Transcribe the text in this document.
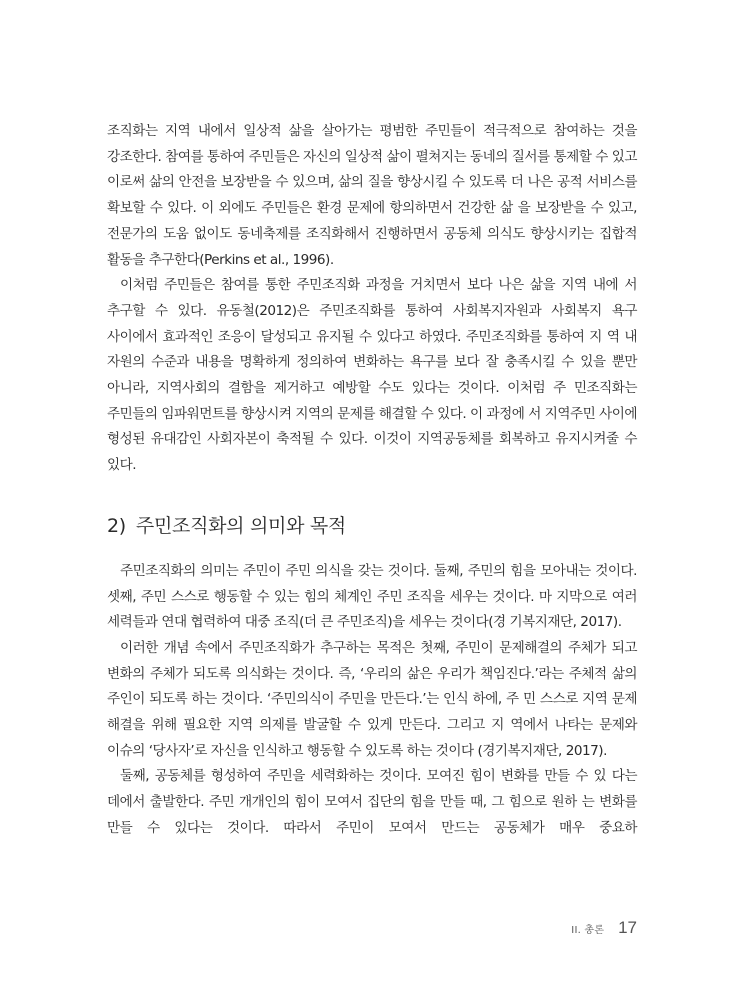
조직화는 지역 내에서 일상적 삶을 살아가는 평범한 주민들이 적극적으로 참여하는 것을 강조한다. 참여를 통하여 주민들은 자신의 일상적 삶이 펼쳐지는 동네의 질서를 통제할 수 있고 이로써 삶의 안전을 보장받을 수 있으며, 삶의 질을 향상시킬 수 있도록 더 나은 공적 서비스를 확보할 수 있다. 이 외에도 주민들은 환경 문제에 항의하면서 건강한 삶 을 보장받을 수 있고, 전문가의 도움 없이도 동네축제를 조직화해서 진행하면서 공동체 의식도 향상시키는 집합적 활동을 추구한다(Perkins et al., 1996).

이처럼 주민들은 참여를 통한 주민조직화 과정을 거치면서 보다 나은 삶을 지역 내에 서 추구할 수 있다. 유동철(2012)은 주민조직화를 통하여 사회복지자원과 사회복지 욕구 사이에서 효과적인 조응이 달성되고 유지될 수 있다고 하였다. 주민조직화를 통하여 지 역 내 자원의 수준과 내용을 명확하게 정의하여 변화하는 욕구를 보다 잘 충족시킬 수 있을 뿐만 아니라, 지역사회의 결함을 제거하고 예방할 수도 있다는 것이다. 이처럼 주 민조직화는 주민들의 임파워먼트를 향상시켜 지역의 문제를 해결할 수 있다. 이 과정에 서 지역주민 사이에 형성된 유대감인 사회자본이 축적될 수 있다. 이것이 지역공동체를 회복하고 유지시켜줄 수 있다.

2) 주민조직화의 의미와 목적

주민조직화의 의미는 주민이 주민 의식을 갖는 것이다. 둘째, 주민의 힘을 모아내는 것이다. 셋째, 주민 스스로 행동할 수 있는 힘의 체계인 주민 조직을 세우는 것이다. 마 지막으로 여러 세력들과 연대 협력하여 대중 조직(더 큰 주민조직)을 세우는 것이다(경 기복지재단, 2017).

이러한 개념 속에서 주민조직화가 추구하는 목적은 첫째, 주민이 문제해결의 주체가 되고 변화의 주체가 되도록 의식화는 것이다. 즉, ‘우리의 삶은 우리가 책임진다.’라는 주체적 삶의 주인이 되도록 하는 것이다. ‘주민의식이 주민을 만든다.’는 인식 하에, 주 민 스스로 지역 문제 해결을 위해 필요한 지역 의제를 발굴할 수 있게 만든다. 그리고 지 역에서 나타는 문제와 이슈의 ‘당사자’로 자신을 인식하고 행동할 수 있도록 하는 것이다 (경기복지재단, 2017).

둘째, 공동체를 형성하여 주민을 세력화하는 것이다. 모여진 힘이 변화를 만들 수 있 다는 데에서 출발한다. 주민 개개인의 힘이 모여서 집단의 힘을 만들 때, 그 힘으로 원하 는 변화를 만들 수 있다는 것이다. 따라서 주민이 모여서 만드는 공동체가 매우 중요하

II. 총론 17
